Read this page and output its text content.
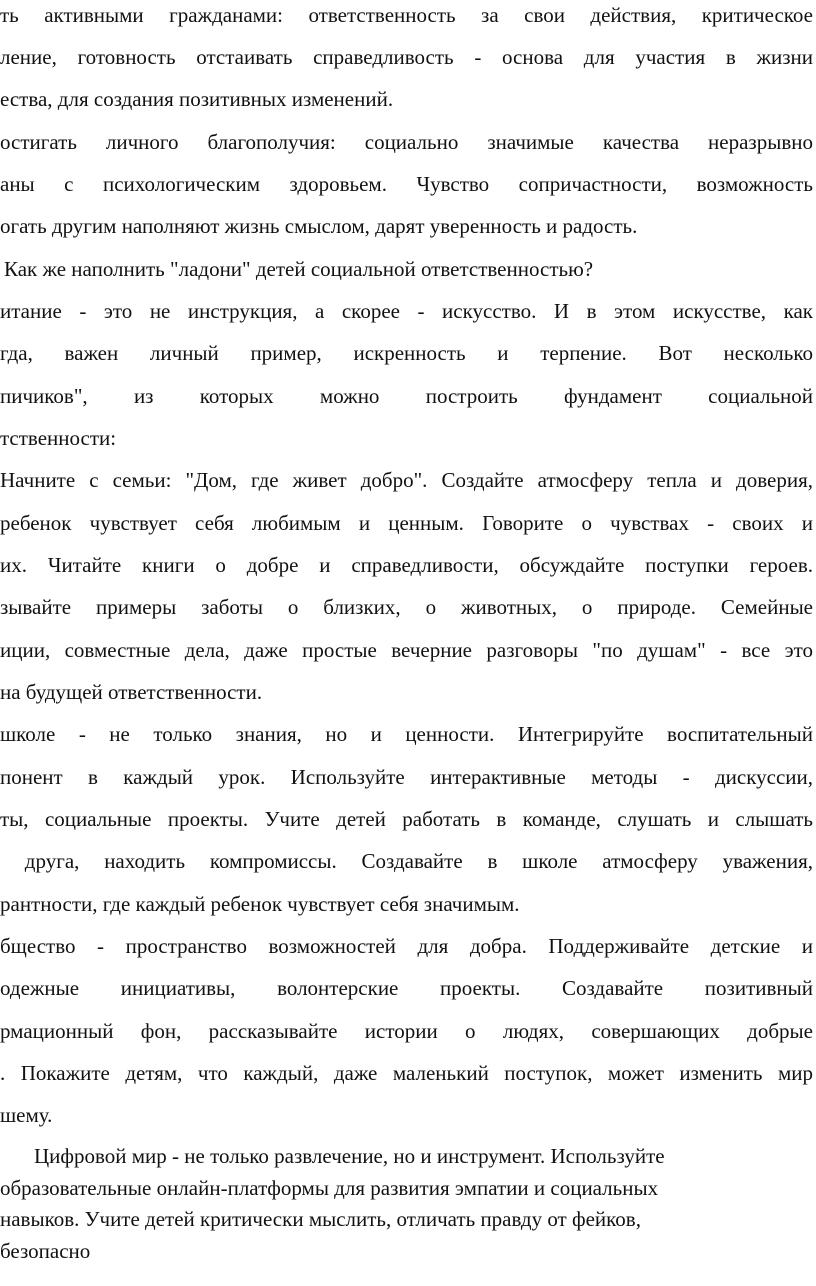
ть активными гражданами: ответственность за свои действия, критическое

ление, готовность отстаивать справедливость - основа для участия в жизни

ества, для создания позитивных изменений.

остигать личного благополучия: социально значимые качества неразрывно

аны с психологическим здоровьем. Чувство сопричастности, возможность

огать другим наполняют жизнь смыслом, дарят уверенность и радость.

Как же наполнить "ладони" детей социальной ответственностью?

итание - это не инструкция, а скорее - искусство. И в этом искусстве, как

гда, важен личный пример, искренность и терпение. Вот несколько

пичиков", из которых можно построить фундамент социальной

тственности:

Начните с семьи: "Дом, где живет добро". Создайте атмосферу тепла и доверия,

ребенок чувствует себя любимым и ценным. Говорите о чувствах - своих и

их. Читайте книги о добре и справедливости, обсуждайте поступки героев.

зывайте примеры заботы о близких, о животных, о природе. Семейные

иции, совместные дела, даже простые вечерние разговоры "по душам" - все это

на будущей ответственности.

школе - не только знания, но и ценности. Интегрируйте воспитательный

понент в каждый урок. Используйте интерактивные методы - дискуссии,

ты, социальные проекты. Учите детей работать в команде, слушать и слышать

друга, находить компромиссы. Создавайте в школе атмосферу уважения,

рантности, где каждый ребенок чувствует себя значимым.

бщество - пространство возможностей для добра. Поддерживайте детские и

одежные инициативы, волонтерские проекты. Создавайте позитивный

рмационный фон, рассказывайте истории о людях, совершающих добрые

. Покажите детям, что каждый, даже маленький поступок, может изменить мир

шему.

Цифровой мир - не только развлечение, но и инструмент. Используйте

образовательные онлайн-платформы для развития эмпатии и социальных

навыков. Учите детей критически мыслить, отличать правду от фейков,

безопасно
